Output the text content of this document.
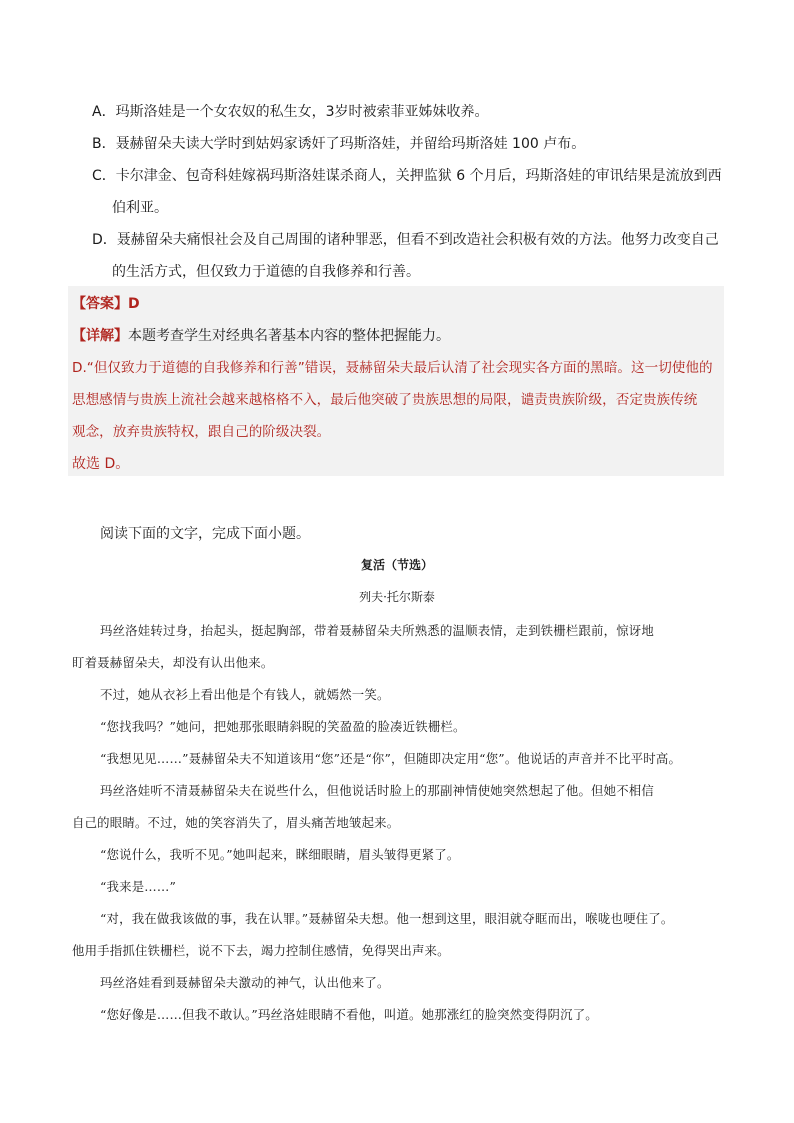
A．玛斯洛娃是一个女农奴的私生女，3岁时被索菲亚姊妹收养。
B．聂赫留朵夫读大学时到姑妈家诱奸了玛斯洛娃，并留给玛斯洛娃 100 卢布。
C．卡尔津金、包奇科娃嫁祸玛斯洛娃谋杀商人，关押监狱 6 个月后，玛斯洛娃的审讯结果是流放到西
伯利亚。
D．聂赫留朵夫痛恨社会及自己周围的诸种罪恶，但看不到改造社会积极有效的方法。他努力改变自己
的生活方式，但仅致力于道德的自我修养和行善。
【答案】D
【详解】本题考查学生对经典名著基本内容的整体把握能力。
D.“但仅致力于道德的自我修养和行善”错误，聂赫留朵夫最后认清了社会现实各方面的黑暗。这一切使他的
思想感情与贵族上流社会越来越格格不入，最后他突破了贵族思想的局限，谴责贵族阶级，否定贵族传统
观念，放弃贵族特权，跟自己的阶级决裂。
故选 D。
阅读下面的文字，完成下面小题。
复活（节选）
列夫·托尔斯泰
玛丝洛娃转过身，抬起头，挺起胸部，带着聂赫留朵夫所熟悉的温顺表情，走到铁栅栏跟前，惊讶地
盯着聂赫留朵夫，却没有认出他来。
不过，她从衣衫上看出他是个有钱人，就嫣然一笑。
“您找我吗？”她问，把她那张眼睛斜睨的笑盈盈的脸凑近铁栅栏。
“我想见见……”聂赫留朵夫不知道该用“您”还是“你”，但随即决定用“您”。他说话的声音并不比平时高。
玛丝洛娃听不清聂赫留朵夫在说些什么，但他说话时脸上的那副神情使她突然想起了他。但她不相信
自己的眼睛。不过，她的笑容消失了，眉头痛苦地皱起来。
“您说什么，我听不见。”她叫起来，眯细眼睛，眉头皱得更紧了。
“我来是……”
“对，我在做我该做的事，我在认罪。”聂赫留朵夫想。他一想到这里，眼泪就夺眶而出，喉咙也哽住了。
他用手指抓住铁栅栏，说不下去，竭力控制住感情，免得哭出声来。
玛丝洛娃看到聂赫留朵夫激动的神气，认出他来了。
“您好像是……但我不敢认。”玛丝洛娃眼睛不看他，叫道。她那涨红的脸突然变得阴沉了。
